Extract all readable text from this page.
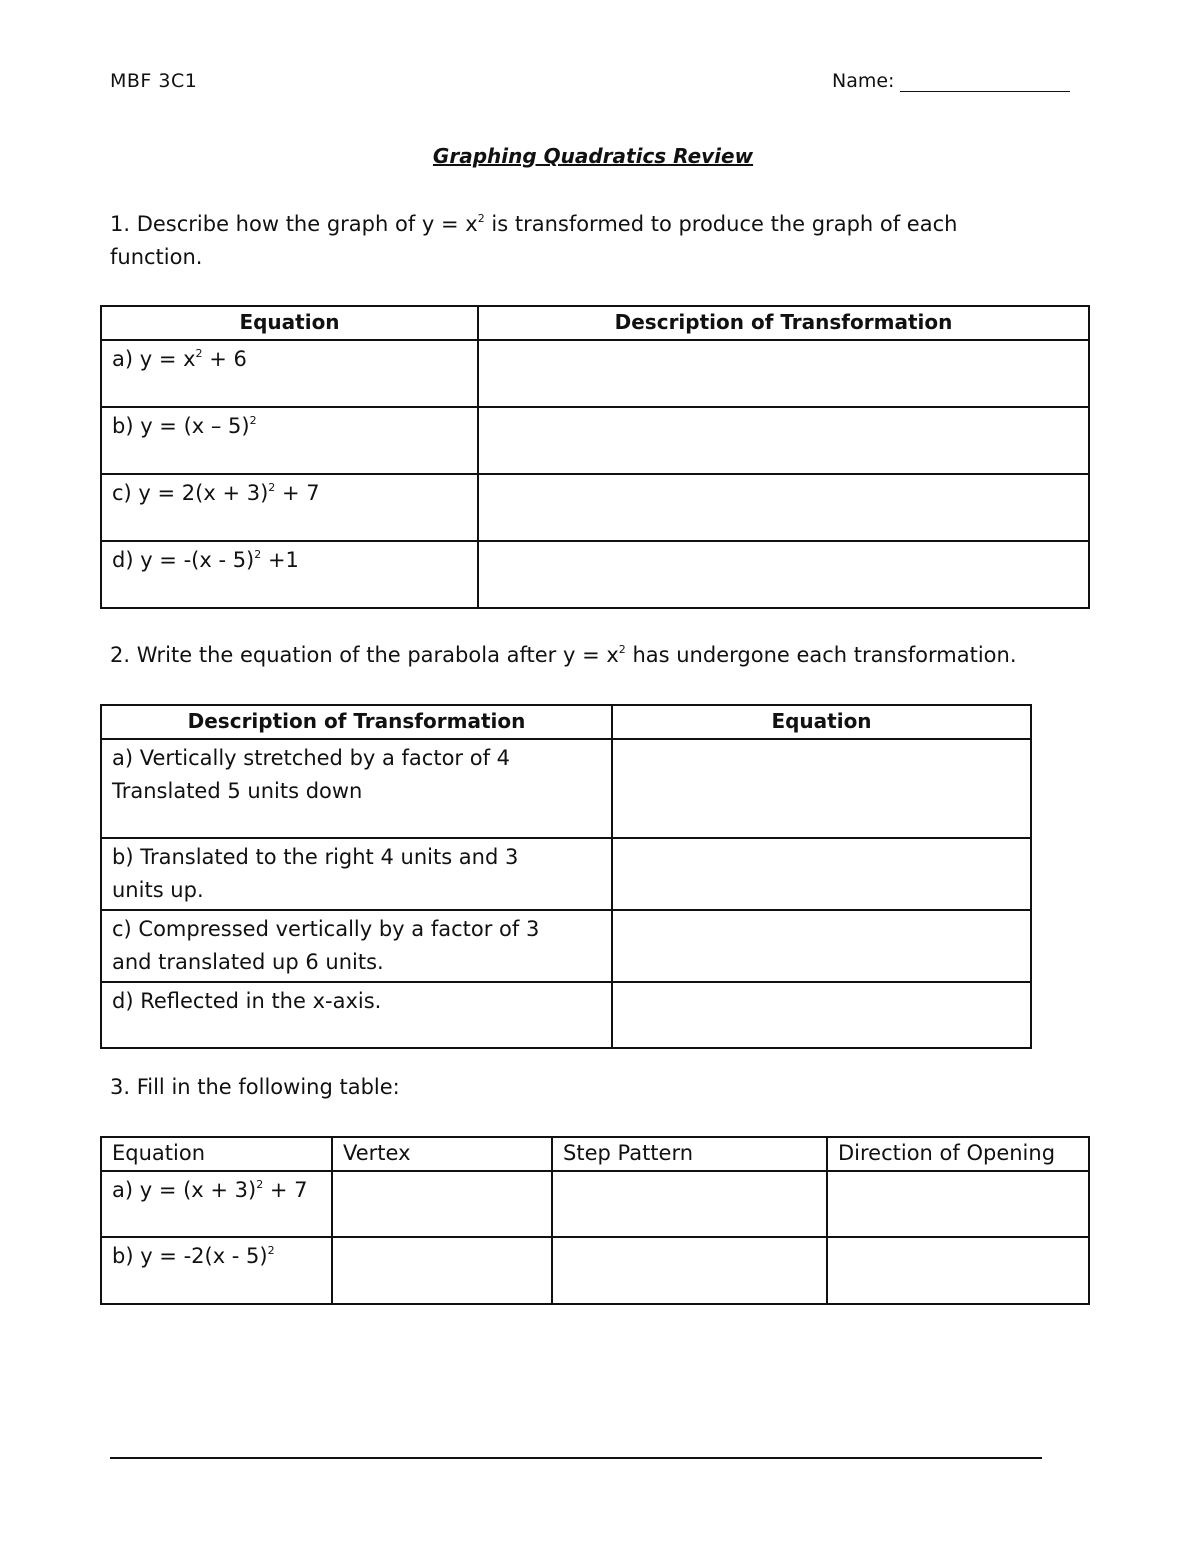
MBF 3C1	Name:
Graphing Quadratics Review
1. Describe how the graph of $y = x^2$ is transformed to produce the graph of each
function.
Equation	Description of Transformation
a) $y = x^2 + 6$	
b) y = (x – 5)$^2$	
c) $y = 2(x + 3)^2 + 7$	
d) y = -(x - 5)$^2$ +1	
2. Write the equation of the parabola after $y = x^2$ has undergone each transformation.
Description of Transformation	Equation
a) Vertically stretched by a factor of 4
Translated 5 units down	
b) Translated to the right 4 units and 3
units up.	
c) Compressed vertically by a factor of 3
and translated up 6 units.	
d) Reflected in the x-axis.	
3. Fill in the following table:
Equation	Vertex	Step Pattern	Direction of Opening
a) $y = (x + 3)^2 + 7$			
b) y = -2(x - 5)$^2$			
